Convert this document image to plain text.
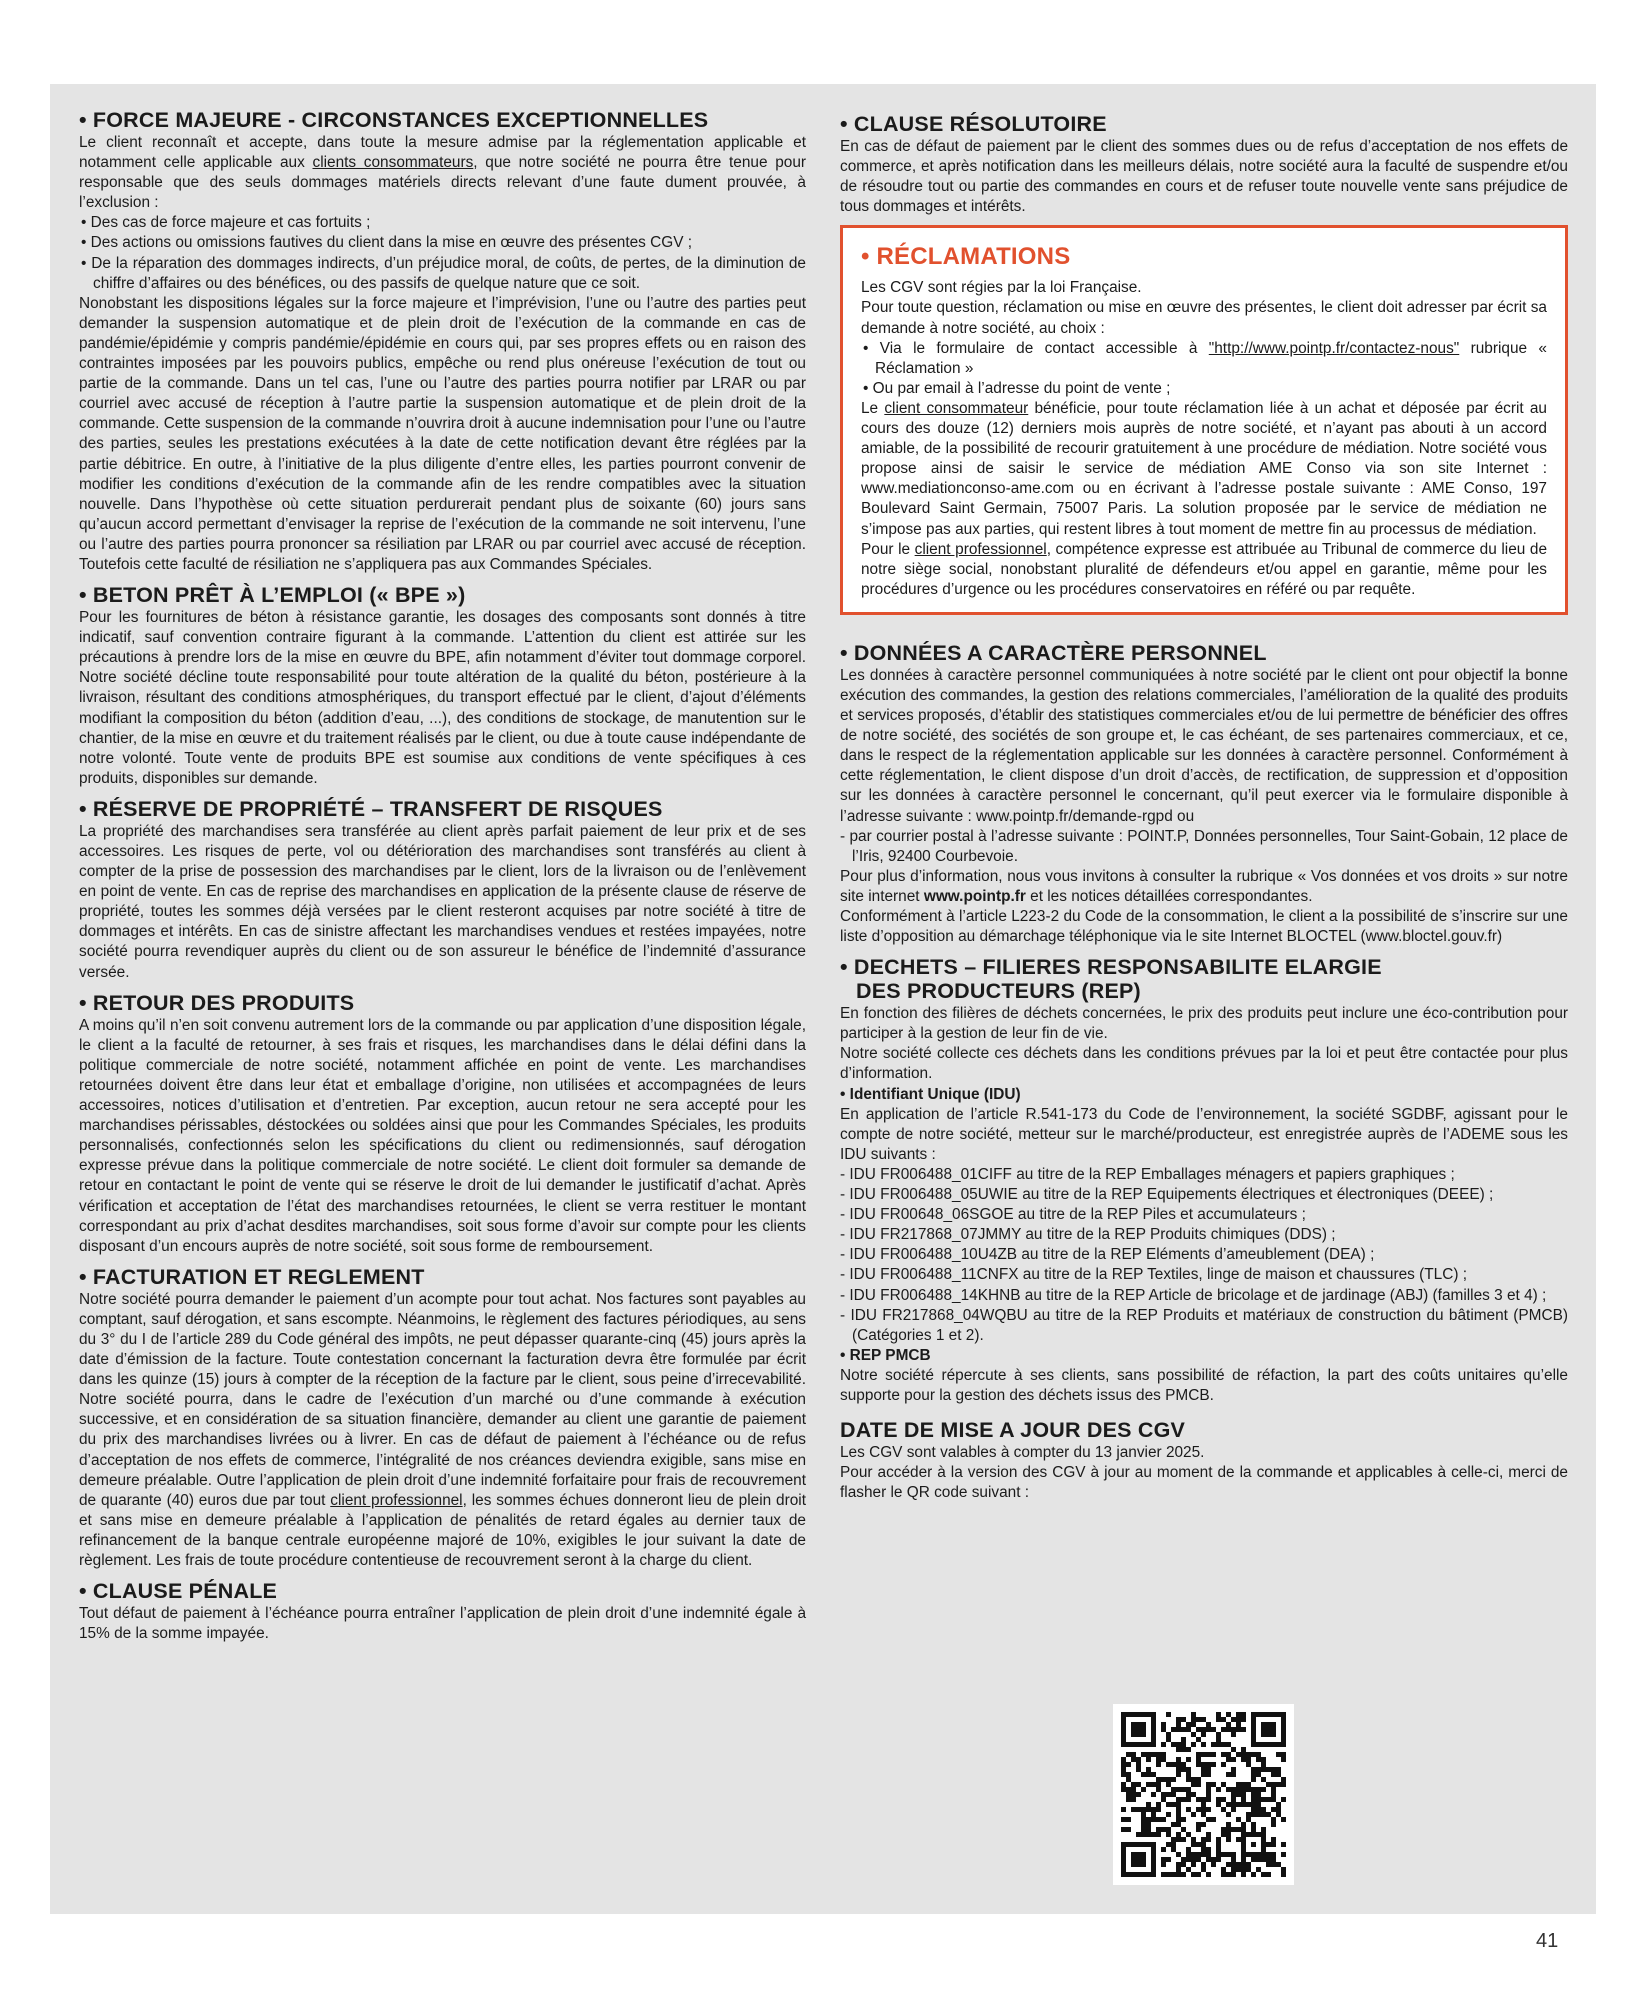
• FORCE MAJEURE - CIRCONSTANCES EXCEPTIONNELLES

Le client reconnaît et accepte, dans toute la mesure admise par la réglementation applicable et notamment celle applicable aux clients consommateurs, que notre société ne pourra être tenue pour responsable que des seuls dommages matériels directs relevant d’une faute dument prouvée, à l’exclusion :

• Des cas de force majeure et cas fortuits ;
• Des actions ou omissions fautives du client dans la mise en œuvre des présentes CGV ;
• De la réparation des dommages indirects, d’un préjudice moral, de coûts, de pertes, de la diminution de chiffre d’affaires ou des bénéfices, ou des passifs de quelque nature que ce soit.

Nonobstant les dispositions légales sur la force majeure et l’imprévision, l’une ou l’autre des parties peut demander la suspension automatique et de plein droit de l’exécution de la commande en cas de pandémie/épidémie y compris pandémie/épidémie en cours qui, par ses propres effets ou en raison des contraintes imposées par les pouvoirs publics, empêche ou rend plus onéreuse l’exécution de tout ou partie de la commande. Dans un tel cas, l’une ou l’autre des parties pourra notifier par LRAR ou par courriel avec accusé de réception à l’autre partie la suspension automatique et de plein droit de la commande. Cette suspension de la commande n’ouvrira droit à aucune indemnisation pour l’une ou l’autre des parties, seules les prestations exécutées à la date de cette notification devant être réglées par la partie débitrice. En outre, à l’initiative de la plus diligente d’entre elles, les parties pourront convenir de modifier les conditions d’exécution de la commande afin de les rendre compatibles avec la situation nouvelle. Dans l’hypothèse où cette situation perdurerait pendant plus de soixante (60) jours sans qu’aucun accord permettant d’envisager la reprise de l’exécution de la commande ne soit intervenu, l’une ou l’autre des parties pourra prononcer sa résiliation par LRAR ou par courriel avec accusé de réception. Toutefois cette faculté de résiliation ne s’appliquera pas aux Commandes Spéciales.

• BETON PRÊT À L’EMPLOI (« BPE »)

Pour les fournitures de béton à résistance garantie, les dosages des composants sont donnés à titre indicatif, sauf convention contraire figurant à la commande. L’attention du client est attirée sur les précautions à prendre lors de la mise en œuvre du BPE, afin notamment d’éviter tout dommage corporel. Notre société décline toute responsabilité pour toute altération de la qualité du béton, postérieure à la livraison, résultant des conditions atmosphériques, du transport effectué par le client, d’ajout d’éléments modifiant la composition du béton (addition d’eau, ...), des conditions de stockage, de manutention sur le chantier, de la mise en œuvre et du traitement réalisés par le client, ou due à toute cause indépendante de notre volonté. Toute vente de produits BPE est soumise aux conditions de vente spécifiques à ces produits, disponibles sur demande.

• RÉSERVE DE PROPRIÉTÉ – TRANSFERT DE RISQUES

La propriété des marchandises sera transférée au client après parfait paiement de leur prix et de ses accessoires. Les risques de perte, vol ou détérioration des marchandises sont transférés au client à compter de la prise de possession des marchandises par le client, lors de la livraison ou de l’enlèvement en point de vente. En cas de reprise des marchandises en application de la présente clause de réserve de propriété, toutes les sommes déjà versées par le client resteront acquises par notre société à titre de dommages et intérêts. En cas de sinistre affectant les marchandises vendues et restées impayées, notre société pourra revendiquer auprès du client ou de son assureur le bénéfice de l’indemnité d’assurance versée.

• RETOUR DES PRODUITS

A moins qu’il n’en soit convenu autrement lors de la commande ou par application d’une disposition légale, le client a la faculté de retourner, à ses frais et risques, les marchandises dans le délai défini dans la politique commerciale de notre société, notamment affichée en point de vente. Les marchandises retournées doivent être dans leur état et emballage d’origine, non utilisées et accompagnées de leurs accessoires, notices d’utilisation et d’entretien. Par exception, aucun retour ne sera accepté pour les marchandises périssables, déstockées ou soldées ainsi que pour les Commandes Spéciales, les produits personnalisés, confectionnés selon les spécifications du client ou redimensionnés, sauf dérogation expresse prévue dans la politique commerciale de notre société. Le client doit formuler sa demande de retour en contactant le point de vente qui se réserve le droit de lui demander le justificatif d’achat. Après vérification et acceptation de l’état des marchandises retournées, le client se verra restituer le montant correspondant au prix d’achat desdites marchandises, soit sous forme d’avoir sur compte pour les clients disposant d’un encours auprès de notre société, soit sous forme de remboursement.

• FACTURATION ET REGLEMENT

Notre société pourra demander le paiement d’un acompte pour tout achat. Nos factures sont payables au comptant, sauf dérogation, et sans escompte. Néanmoins, le règlement des factures périodiques, au sens du 3° du I de l’article 289 du Code général des impôts, ne peut dépasser quarante-cinq (45) jours après la date d’émission de la facture. Toute contestation concernant la facturation devra être formulée par écrit dans les quinze (15) jours à compter de la réception de la facture par le client, sous peine d’irrecevabilité. Notre société pourra, dans le cadre de l’exécution d’un marché ou d’une commande à exécution successive, et en considération de sa situation financière, demander au client une garantie de paiement du prix des marchandises livrées ou à livrer. En cas de défaut de paiement à l’échéance ou de refus d’acceptation de nos effets de commerce, l’intégralité de nos créances deviendra exigible, sans mise en demeure préalable. Outre l’application de plein droit d’une indemnité forfaitaire pour frais de recouvrement de quarante (40) euros due par tout client professionnel, les sommes échues donneront lieu de plein droit et sans mise en demeure préalable à l’application de pénalités de retard égales au dernier taux de refinancement de la banque centrale européenne majoré de 10%, exigibles le jour suivant la date de règlement. Les frais de toute procédure contentieuse de recouvrement seront à la charge du client.

• CLAUSE PÉNALE

Tout défaut de paiement à l’échéance pourra entraîner l’application de plein droit d’une indemnité égale à 15% de la somme impayée.

• CLAUSE RÉSOLUTOIRE

En cas de défaut de paiement par le client des sommes dues ou de refus d’acceptation de nos effets de commerce, et après notification dans les meilleurs délais, notre société aura la faculté de suspendre et/ou de résoudre tout ou partie des commandes en cours et de refuser toute nouvelle vente sans préjudice de tous dommages et intérêts.

• RÉCLAMATIONS

Les CGV sont régies par la loi Française.

Pour toute question, réclamation ou mise en œuvre des présentes, le client doit adresser par écrit sa demande à notre société, au choix :

• Via le formulaire de contact accessible à "http://www.pointp.fr/contactez-nous" rubrique « Réclamation »
• Ou par email à l’adresse du point de vente ;

Le client consommateur bénéficie, pour toute réclamation liée à un achat et déposée par écrit au cours des douze (12) derniers mois auprès de notre société, et n’ayant pas abouti à un accord amiable, de la possibilité de recourir gratuitement à une procédure de médiation. Notre société vous propose ainsi de saisir le service de médiation AME Conso via son site Internet : www.mediationconso-ame.com ou en écrivant à l’adresse postale suivante : AME Conso, 197 Boulevard Saint Germain, 75007 Paris. La solution proposée par le service de médiation ne s’impose pas aux parties, qui restent libres à tout moment de mettre fin au processus de médiation.

Pour le client professionnel, compétence expresse est attribuée au Tribunal de commerce du lieu de notre siège social, nonobstant pluralité de défendeurs et/ou appel en garantie, même pour les procédures d’urgence ou les procédures conservatoires en référé ou par requête.

• DONNÉES A CARACTÈRE PERSONNEL

Les données à caractère personnel communiquées à notre société par le client ont pour objectif la bonne exécution des commandes, la gestion des relations commerciales, l’amélioration de la qualité des produits et services proposés, d’établir des statistiques commerciales et/ou de lui permettre de bénéficier des offres de notre société, des sociétés de son groupe et, le cas échéant, de ses partenaires commerciaux, et ce, dans le respect de la réglementation applicable sur les données à caractère personnel. Conformément à cette réglementation, le client dispose d’un droit d’accès, de rectification, de suppression et d’opposition sur les données à caractère personnel le concernant, qu’il peut exercer via le formulaire disponible à l’adresse suivante : www.pointp.fr/demande-rgpd ou

- par courrier postal à l’adresse suivante : POINT.P, Données personnelles, Tour Saint-Gobain, 12 place de l’Iris, 92400 Courbevoie.

Pour plus d’information, nous vous invitons à consulter la rubrique « Vos données et vos droits » sur notre site internet www.pointp.fr et les notices détaillées correspondantes.

Conformément à l’article L223-2 du Code de la consommation, le client a la possibilité de s’inscrire sur une liste d’opposition au démarchage téléphonique via le site Internet BLOCTEL (www.bloctel.gouv.fr)

• DECHETS – FILIERES RESPONSABILITE ELARGIE
DES PRODUCTEURS (REP)

En fonction des filières de déchets concernées, le prix des produits peut inclure une éco-contribution pour participer à la gestion de leur fin de vie.

Notre société collecte ces déchets dans les conditions prévues par la loi et peut être contactée pour plus d’information.

• Identifiant Unique (IDU)

En application de l’article R.541-173 du Code de l’environnement, la société SGDBF, agissant pour le compte de notre société, metteur sur le marché/producteur, est enregistrée auprès de l’ADEME sous les IDU suivants :

- IDU FR006488_01CIFF au titre de la REP Emballages ménagers et papiers graphiques ;
- IDU FR006488_05UWIE au titre de la REP Equipements électriques et électroniques (DEEE) ;
- IDU FR00648_06SGOE au titre de la REP Piles et accumulateurs ;
- IDU FR217868_07JMMY au titre de la REP Produits chimiques (DDS) ;
- IDU FR006488_10U4ZB au titre de la REP Eléments d’ameublement (DEA) ;
- IDU FR006488_11CNFX au titre de la REP Textiles, linge de maison et chaussures (TLC) ;
- IDU FR006488_14KHNB au titre de la REP Article de bricolage et de jardinage (ABJ) (familles 3 et 4) ;
- IDU FR217868_04WQBU au titre de la REP Produits et matériaux de construction du bâtiment (PMCB) (Catégories 1 et 2).

• REP PMCB

Notre société répercute à ses clients, sans possibilité de réfaction, la part des coûts unitaires qu’elle supporte pour la gestion des déchets issus des PMCB.

DATE DE MISE A JOUR DES CGV

Les CGV sont valables à compter du 13 janvier 2025.

Pour accéder à la version des CGV à jour au moment de la commande et applicables à celle-ci, merci de flasher le QR code suivant :

41
